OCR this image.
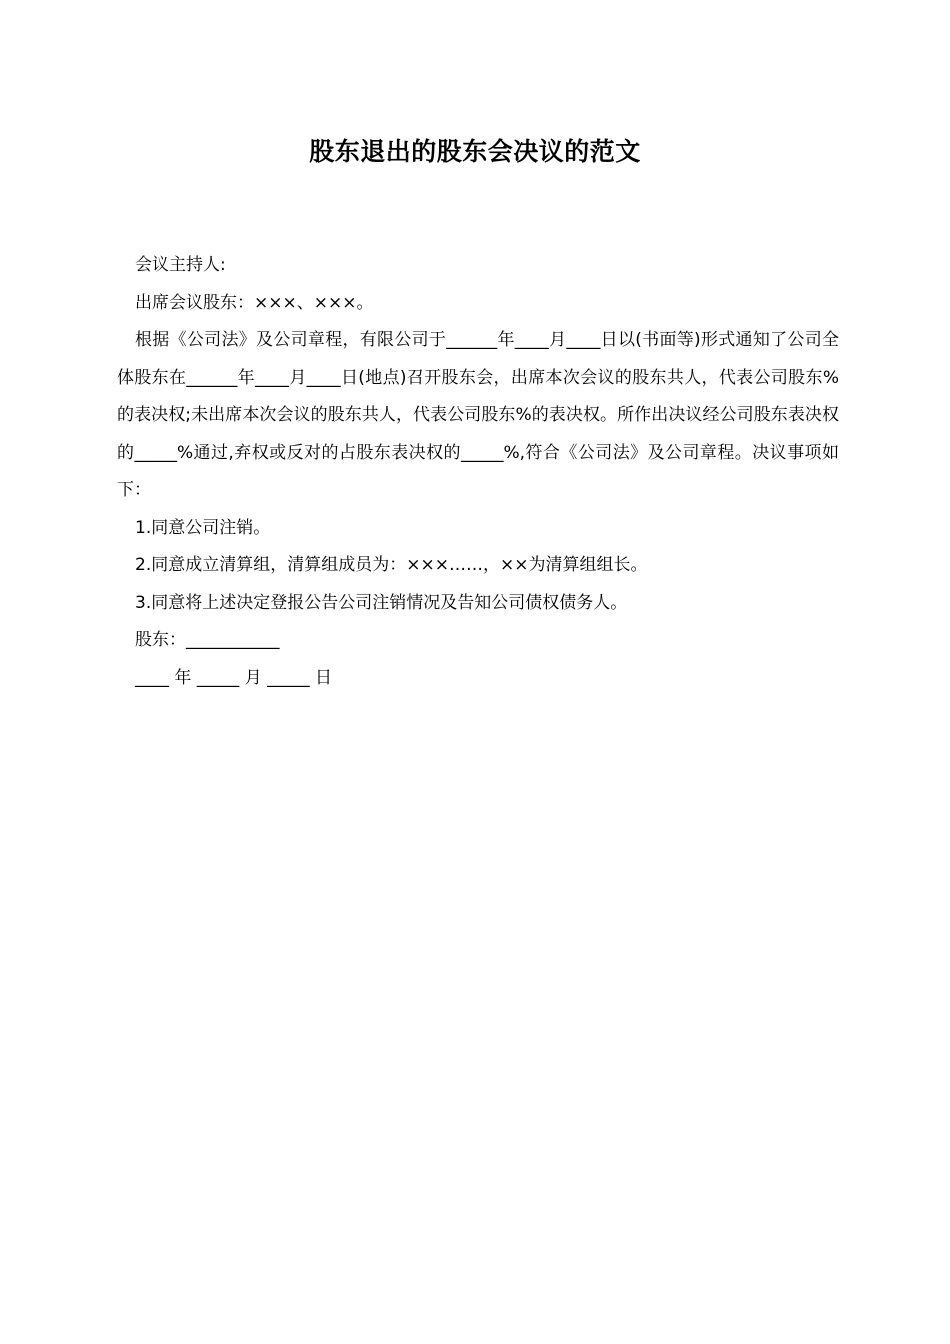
股东退出的股东会决议的范文

会议主持人:

出席会议股东：×××、×××。

根据《公司法》及公司章程，有限公司于______年____月____日以(书面等)形式通知了公司全体股东在______年____月____日(地点)召开股东会，出席本次会议的股东共人，代表公司股东%的表决权;未出席本次会议的股东共人，代表公司股东%的表决权。所作出决议经公司股东表决权的_____%通过,弃权或反对的占股东表决权的_____%,符合《公司法》及公司章程。决议事项如下：

1.同意公司注销。

2.同意成立清算组，清算组成员为：×××……，××为清算组组长。

3.同意将上述决定登报公告公司注销情况及告知公司债权债务人。

股东：___________

____ 年 _____ 月 _____ 日
